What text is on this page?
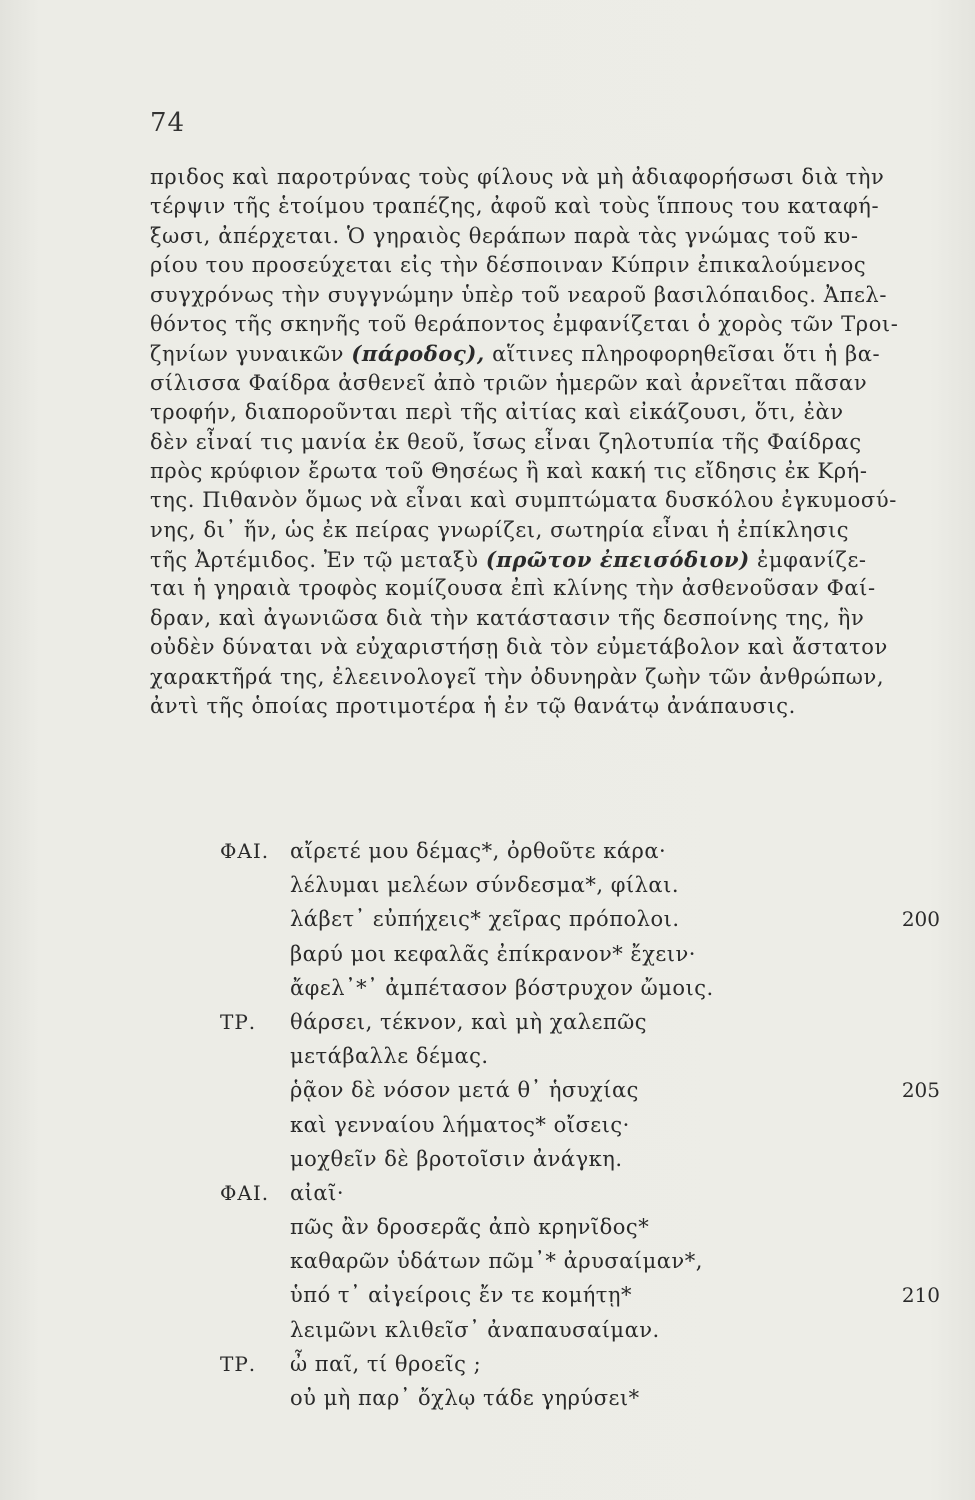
74
πριδος καὶ παροτρύνας τοὺς φίλους νὰ μὴ ἀδιαφορήσωσι διὰ τὴν
τέρψιν τῆς ἑτοίμου τραπέζης, ἀφοῦ καὶ τοὺς ἵππους του καταφή-
ξωσι, ἀπέρχεται. Ὁ γηραιὸς θεράπων παρὰ τὰς γνώμας τοῦ κυ-
ρίου του προσεύχεται εἰς τὴν δέσποιναν Κύπριν ἐπικαλούμενος
συγχρόνως τὴν συγγνώμην ὑπὲρ τοῦ νεαροῦ βασιλόπαιδος. Ἀπελ-
θόντος τῆς σκηνῆς τοῦ θεράποντος ἐμφανίζεται ὁ χορὸς τῶν Τροι-
ζηνίων γυναικῶν (πάροδος), αἵτινες πληροφορηθεῖσαι ὅτι ἡ βα-
σίλισσα Φαίδρα ἀσθενεῖ ἀπὸ τριῶν ἡμερῶν καὶ ἀρνεῖται πᾶσαν
τροφήν, διαποροῦνται περὶ τῆς αἰτίας καὶ εἰκάζουσι, ὅτι, ἐὰν
δὲν εἶναί τις μανία ἐκ θεοῦ, ἴσως εἶναι ζηλοτυπία τῆς Φαίδρας
πρὸς κρύφιον ἔρωτα τοῦ Θησέως ἢ καὶ κακή τις εἴδησις ἐκ Κρή-
της. Πιθανὸν ὅμως νὰ εἶναι καὶ συμπτώματα δυσκόλου ἐγκυμοσύ-
νης, δι᾽ ἥν, ὡς ἐκ πείρας γνωρίζει, σωτηρία εἶναι ἡ ἐπίκλησις
τῆς Ἀρτέμιδος. Ἐν τῷ μεταξὺ (πρῶτον ἐπεισόδιον) ἐμφανίζε-
ται ἡ γηραιὰ τροφὸς κομίζουσα ἐπὶ κλίνης τὴν ἀσθενοῦσαν Φαί-
δραν, καὶ ἀγωνιῶσα διὰ τὴν κατάστασιν τῆς δεσποίνης της, ἣν
οὐδὲν δύναται νὰ εὐχαριστήσῃ διὰ τὸν εὐμετάβολον καὶ ἄστατον
χαρακτῆρά της, ἐλεεινολογεῖ τὴν ὀδυνηρὰν ζωὴν τῶν ἀνθρώπων,
ἀντὶ τῆς ὁποίας προτιμοτέρα ἡ ἐν τῷ θανάτῳ ἀνάπαυσις.
ΦΑΙ. αἴρετέ μου δέμας*, ὀρθοῦτε κάρα·
λέλυμαι μελέων σύνδεσμα*, φίλαι.
λάβετ᾽ εὐπήχεις* χεῖρας πρόπολοι.	200
βαρύ μοι κεφαλᾶς ἐπίκρανον* ἔχειν·
ἄφελ᾽*᾽ ἀμπέτασον βόστρυχον ὤμοις.
ΤΡ. θάρσει, τέκνον, καὶ μὴ χαλεπῶς
μετάβαλλε δέμας.
ῥᾷον δὲ νόσον μετά θ᾽ ἡσυχίας	205
καὶ γενναίου λήματος* οἴσεις·
μοχθεῖν δὲ βροτοῖσιν ἀνάγκη.
ΦΑΙ. αἰαῖ·
πῶς ἂν δροσερᾶς ἀπὸ κρηνῖδος*
καθαρῶν ὑδάτων πῶμ᾽* ἀρυσαίμαν*,
ὑπό τ᾽ αἰγείροις ἔν τε κομήτῃ*	210
λειμῶνι κλιθεῖσ᾽ ἀναπαυσαίμαν.
ΤΡ. ὦ παῖ, τί θροεῖς ;
οὐ μὴ παρ᾽ ὄχλῳ τάδε γηρύσει*
